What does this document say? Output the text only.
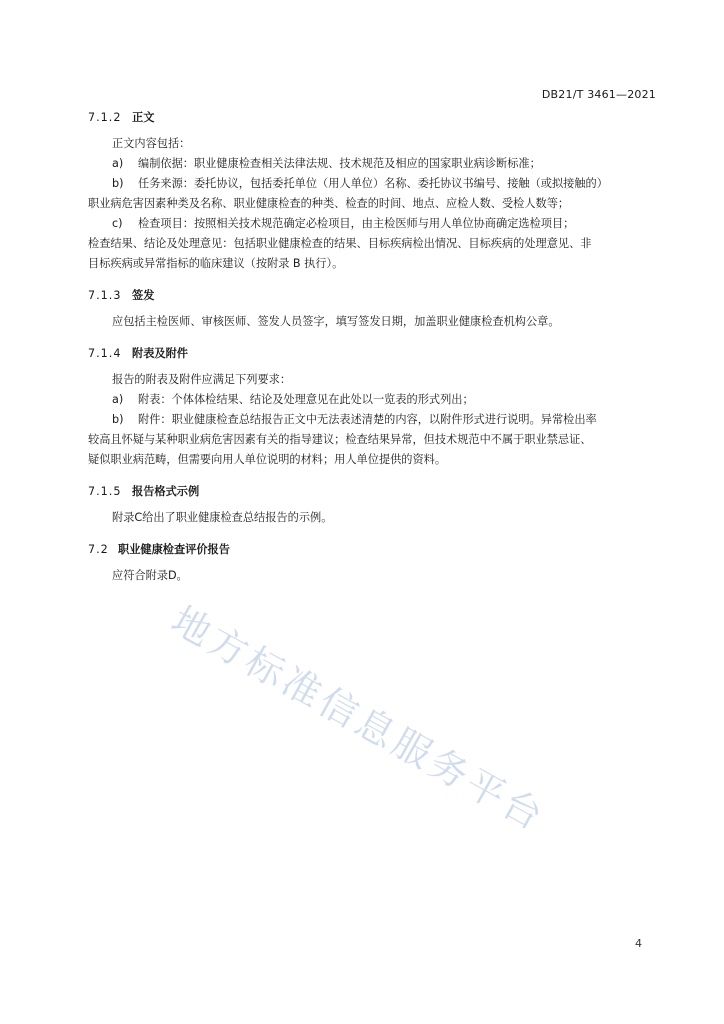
DB21/T 3461—2021
7.1.2 正文
正文内容包括：
a) 编制依据：职业健康检查相关法律法规、技术规范及相应的国家职业病诊断标准；
b) 任务来源：委托协议，包括委托单位（用人单位）名称、委托协议书编号、接触（或拟接触的）
职业病危害因素种类及名称、职业健康检查的种类、检查的时间、地点、应检人数、受检人数等；
c) 检查项目：按照相关技术规范确定必检项目，由主检医师与用人单位协商确定选检项目；
检查结果、结论及处理意见：包括职业健康检查的结果、目标疾病检出情况、目标疾病的处理意见、非
目标疾病或异常指标的临床建议（按附录 B 执行）。
7.1.3 签发
应包括主检医师、审核医师、签发人员签字，填写签发日期，加盖职业健康检查机构公章。
7.1.4 附表及附件
报告的附表及附件应满足下列要求：
a) 附表：个体体检结果、结论及处理意见在此处以一览表的形式列出；
b) 附件：职业健康检查总结报告正文中无法表述清楚的内容，以附件形式进行说明。异常检出率
较高且怀疑与某种职业病危害因素有关的指导建议；检查结果异常，但技术规范中不属于职业禁忌证、
疑似职业病范畴，但需要向用人单位说明的材料；用人单位提供的资料。
7.1.5 报告格式示例
附录C给出了职业健康检查总结报告的示例。
7.2 职业健康检查评价报告
应符合附录D。
地方标准信息服务平台
4
